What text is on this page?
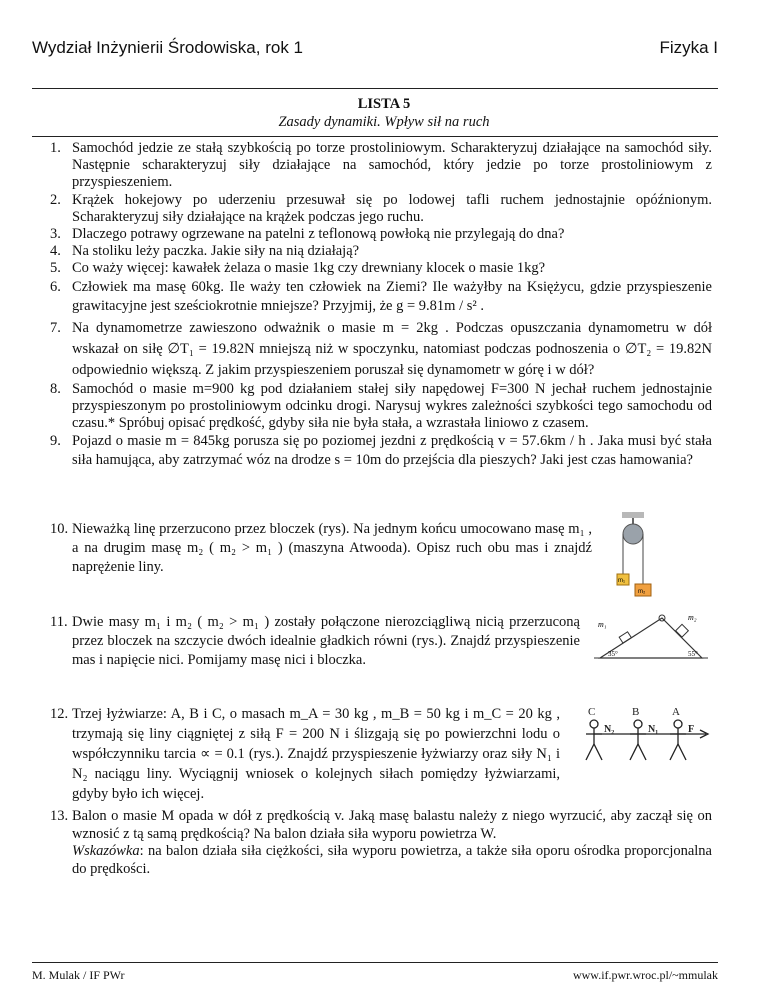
Wydział Inżynierii Środowiska, rok 1	Fizyka I
LISTA 5
Zasady dynamiki. Wpływ sił na ruch
1. Samochód jedzie ze stałą szybkością po torze prostoliniowym. Scharakteryzuj działające na samochód siły. Następnie scharakteryzuj siły działające na samochód, który jedzie po torze prostoliniowym z przyspieszeniem.
2. Krążek hokejowy po uderzeniu przesuwał się po lodowej tafli ruchem jednostajnie opóźnionym. Scharakteryzuj siły działające na krążek podczas jego ruchu.
3. Dlaczego potrawy ogrzewane na patelni z teflonową powłoką nie przylegają do dna?
4. Na stoliku leży paczka. Jakie siły na nią działają?
5. Co waży więcej: kawałek żelaza o masie 1kg czy drewniany klocek o masie 1kg?
6. Człowiek ma masę 60kg. Ile waży ten człowiek na Ziemi? Ile ważyłby na Księżycu, gdzie przyspieszenie grawitacyjne jest sześciokrotnie mniejsze? Przyjmij, że g = 9.81m / s² .
7. Na dynamometrze zawieszono odważnik o masie m = 2kg . Podczas opuszczania dynamometru w dół wskazał on siłę ∅T₁ = 19.82N mniejszą niż w spoczynku, natomiast podczas podnoszenia o ∅T₂ = 19.82N odpowiednio większą. Z jakim przyspieszeniem poruszał się dynamometr w górę i w dół?
8. Samochód o masie m=900 kg pod działaniem stałej siły napędowej F=300 N jechał ruchem jednostajnie przyspieszonym po prostoliniowym odcinku drogi. Narysuj wykres zależności szybkości tego samochodu od czasu.* Spróbuj opisać prędkość, gdyby siła nie była stała, a wzrastała liniowo z czasem.
9. Pojazd o masie m = 845kg porusza się po poziomej jezdni z prędkością v = 57.6km / h . Jaka musi być stała siła hamująca, aby zatrzymać wóz na drodze s = 10m do przejścia dla pieszych? Jaki jest czas hamowania?
10. Nieważką linę przerzucono przez bloczek (rys). Na jednym końcu umocowano masę m₁ , a na drugim masę m₂ ( m₂ > m₁ ) (maszyna Atwooda). Opisz ruch obu mas i znajdź naprężenie liny.
m₁
m₂
11. Dwie masy m₁ i m₂ ( m₂ > m₁ ) zostały połączone nierozciągliwą nicią przerzuconą przez bloczek na szczycie dwóch idealnie gładkich równi (rys.). Znajdź przyspieszenie mas i napięcie nici. Pomijamy masę nici i bloczka.
m₁
m₂
35°	55°
12. Trzej łyżwiarze: A, B i C, o masach m_A = 30 kg , m_B = 50 kg i m_C = 20 kg , trzymają się liny ciągniętej z siłą F = 200 N i ślizgają się po powierzchni lodu o współczynniku tarcia ∝ = 0.1 (rys.). Znajdź przyspieszenie łyżwiarzy oraz siły N₁ i N₂ naciągu liny. Wyciągnij wniosek o kolejnych siłach pomiędzy łyżwiarzami, gdyby było ich więcej.
C	B	A
N₂	N₁	F
13. Balon o masie M opada w dół z prędkością v. Jaką masę balastu należy z niego wyrzucić, aby zaczął się on wznosić z tą samą prędkością? Na balon działa siła wyporu powietrza W.
Wskazówka: na balon działa siła ciężkości, siła wyporu powietrza, a także siła oporu ośrodka proporcjonalna do prędkości.
M. Mulak / IF PWr	www.if.pwr.wroc.pl/~mmulak
